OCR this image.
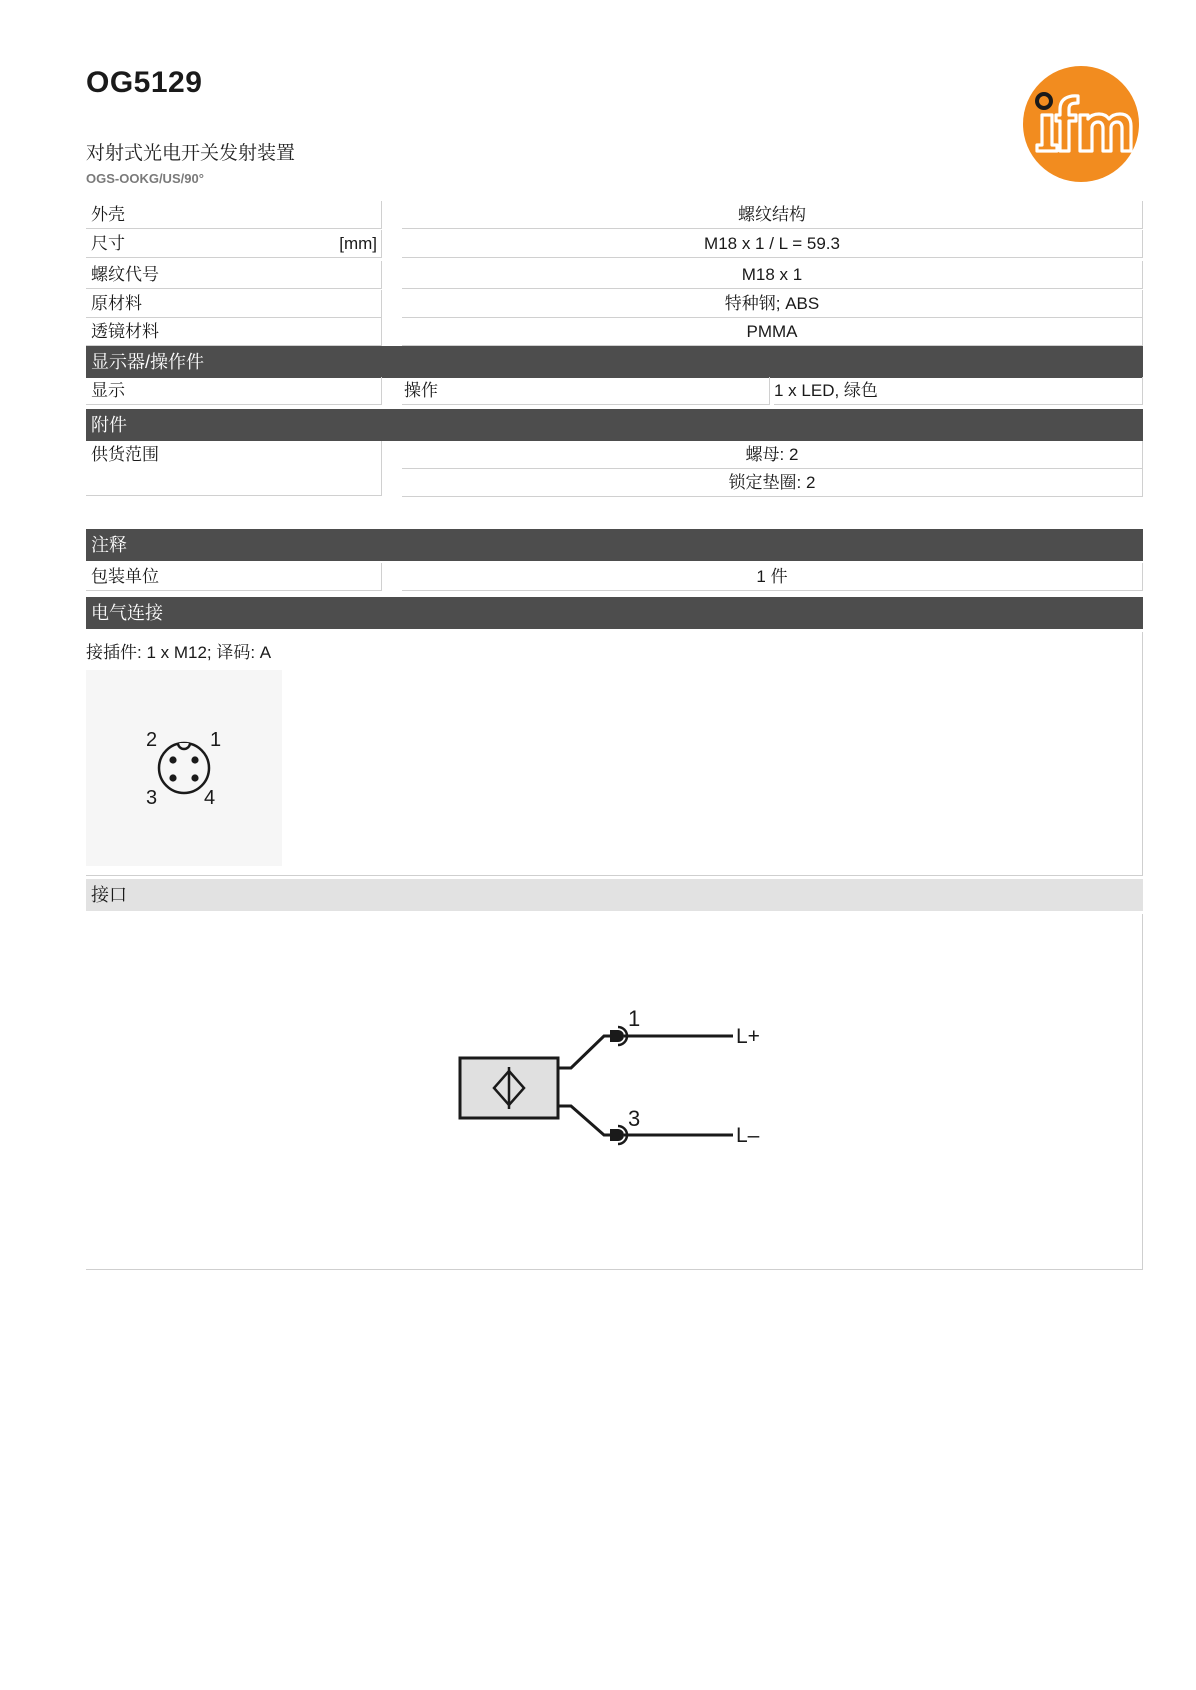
OG5129
对射式光电开关发射装置
OGS-OOKG/US/90°
ifm
外壳	螺纹结构
尺寸	[mm]	M18 x 1 / L = 59.3
螺纹代号	M18 x 1
原材料	特种钢; ABS
透镜材料	PMMA
显示器/操作件
显示	操作	1 x LED, 绿色
附件
供货范围	螺母: 2
锁定垫圈: 2
注释
包装单位	1 件
电气连接
接插件: 1 x M12; 译码: A
1
2
3 4
接口
1
L+
3
L–
